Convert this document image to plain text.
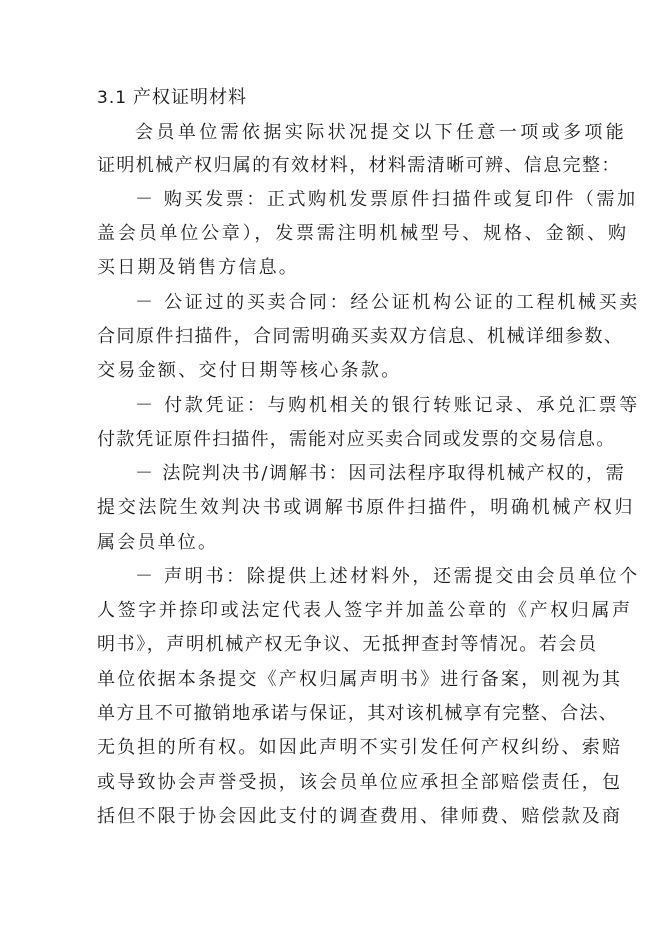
3.1 产权证明材料
会员单位需依据实际状况提交以下任意一项或多项能
证明机械产权归属的有效材料，材料需清晰可辨、信息完整：
－ 购买发票：正式购机发票原件扫描件或复印件（需加
盖会员单位公章），发票需注明机械型号、规格、金额、购
买日期及销售方信息。
－ 公证过的买卖合同：经公证机构公证的工程机械买卖
合同原件扫描件，合同需明确买卖双方信息、机械详细参数、
交易金额、交付日期等核心条款。
－ 付款凭证：与购机相关的银行转账记录、承兑汇票等
付款凭证原件扫描件，需能对应买卖合同或发票的交易信息。
－ 法院判决书/调解书：因司法程序取得机械产权的，需
提交法院生效判决书或调解书原件扫描件，明确机械产权归
属会员单位。
－ 声明书：除提供上述材料外，还需提交由会员单位个
人签字并捺印或法定代表人签字并加盖公章的《产权归属声
明书》，声明机械产权无争议、无抵押查封等情况。若会员
单位依据本条提交《产权归属声明书》进行备案，则视为其
单方且不可撤销地承诺与保证，其对该机械享有完整、合法、
无负担的所有权。如因此声明不实引发任何产权纠纷、索赔
或导致协会声誉受损，该会员单位应承担全部赔偿责任，包
括但不限于协会因此支付的调查费用、律师费、赔偿款及商
